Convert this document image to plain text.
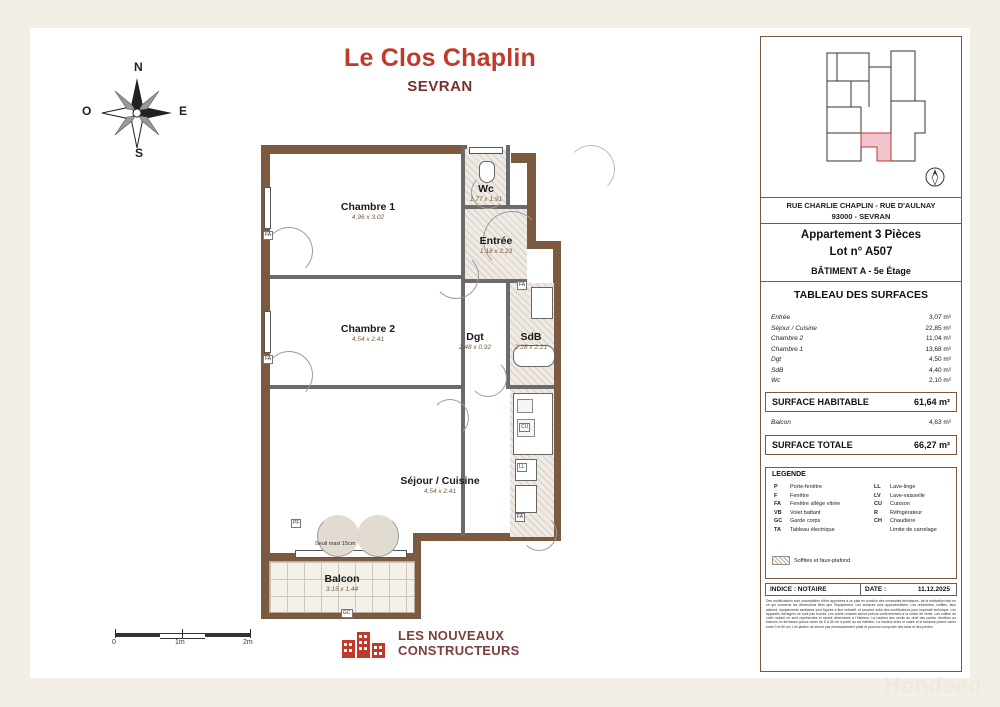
Le Clos Chaplin
SEVRAN
N
S
O	E
Chambre 1
4.96 x 3.02
Chambre 2
4.54 x 2.41
Séjour / Cuisine
4.54 x 2.41
Wc
1.77 x 1.91
Entrée
1.18 x 2.23
Dgt
2.48 x 0.92
SdB
2.28 x 2.21
Balcon
3.15 x 1.44
FA
FA
FA
FA
PF
GC
LL
CU
Seuil maxi 15cm
0	1m	2m	LES NOUVEAUX
CONSTRUCTEURS
RUE CHARLIE CHAPLIN - RUE D'AULNAY
93000 - SEVRAN
Appartement 3 Pièces
Lot n° A507
BÂTIMENT A - 5e Étage
TABLEAU DES SURFACES
Entrée	3,07 m²
Séjour / Cuisine	22,85 m²
Chambre 2	11,04 m²
Chambre 1	13,68 m²
Dgt	4,50 m²
SdB	4,40 m²
Wc	2,10 m²
SURFACE HABITABLE	61,64 m²
Balcon	4,63 m²
SURFACE TOTALE	66,27 m²
LEGENDE
P	Porte-fenêtre
F	Fenêtre
FA	Fenêtre allège vitrée
VB	Volet battant
GC	Garde corps
TA	Tableau électrique
LL	Lave-linge
LV	Lave-vaisselle
CU	Cuisson
R	Réfrigérateur
CH	Chaudière
Limite de carrelage
Soffites et faux-plafond
INDICE : NOTAIRE	DATE :	11.12.2025
Des modifications sont susceptibles d'être apportées à ce plan en fonction des nécessités techniques, de la réalisation tant en ce qui concerne les dimensions lièes que l'équipement. Les surfaces sont approximatives. Les retombées, soffites, faux plafond, équipements sanitaires sont figurés à titre indicatif, et peuvent subir des modifications pour impératif technique. Les appareils ménagers ne sont pas fournis. Les volets roulants seront prévus conformément à la notice de vente. Les coffres de volet roulant ne sont représentés et seront déterminés à l'intérieur. La hauteur des seuils au droit des portes -fenêtres ou balcons ou terrasses pourra varier de 5 à 35 cm à partir du sol intérieur. La hauteur entre le cadre et le terrasse pourra varier entre 0 et 80 cm. Les jardins ne seront pas nécessairement plats et pourront comporter des talus et des pentes.
Hondeed
